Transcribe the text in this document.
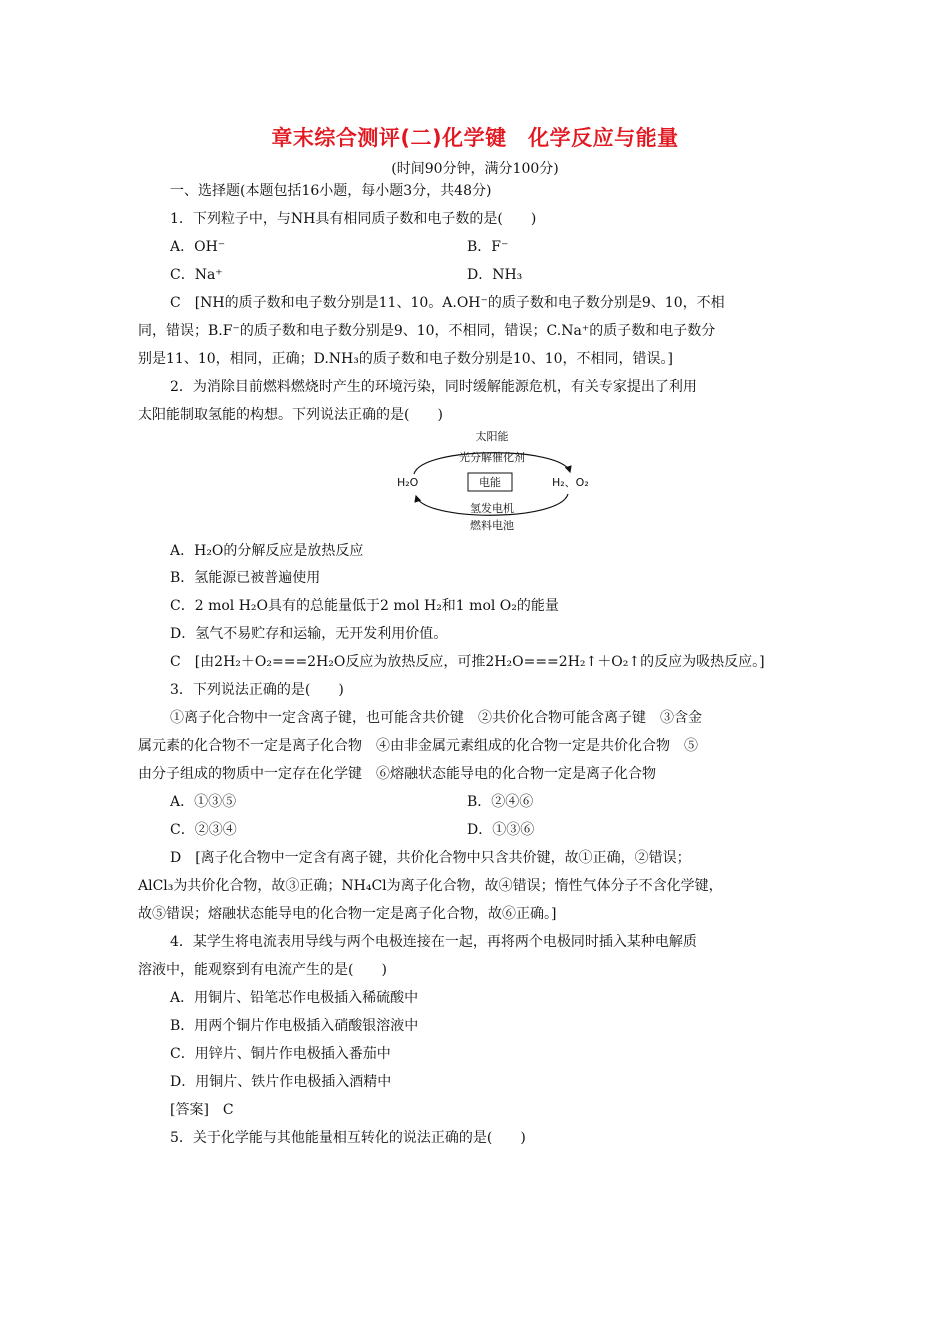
章末综合测评(二)化学键　化学反应与能量
(时间90分钟，满分100分)
一、选择题(本题包括16小题，每小题3分，共48分)
1．下列粒子中，与NH具有相同质子数和电子数的是(　　)
A．OH⁻	B．F⁻
C．Na⁺	D．NH₃
C　[NH的质子数和电子数分别是11、10。A.OH⁻的质子数和电子数分别是9、10，不相
同，错误；B.F⁻的质子数和电子数分别是9、10，不相同，错误；C.Na⁺的质子数和电子数分
别是11、10，相同，正确；D.NH₃的质子数和电子数分别是10、10，不相同，错误。]
2．为消除目前燃料燃烧时产生的环境污染，同时缓解能源危机，有关专家提出了利用
太阳能制取氢能的构想。下列说法正确的是(　　)
太阳能
光分解催化剂
H₂O	电能	H₂、O₂
氢发电机
燃料电池
A．H₂O的分解反应是放热反应
B．氢能源已被普遍使用
C．2 mol H₂O具有的总能量低于2 mol H₂和1 mol O₂的能量
D．氢气不易贮存和运输，无开发利用价值。
C　[由2H₂＋O₂===2H₂O反应为放热反应，可推2H₂O===2H₂↑＋O₂↑的反应为吸热反应。]
3．下列说法正确的是(　　)
①离子化合物中一定含离子键，也可能含共价键　②共价化合物可能含离子键　③含金
属元素的化合物不一定是离子化合物　④由非金属元素组成的化合物一定是共价化合物　⑤
由分子组成的物质中一定存在化学键　⑥熔融状态能导电的化合物一定是离子化合物
A．①③⑤	B．②④⑥
C．②③④	D．①③⑥
D　[离子化合物中一定含有离子键，共价化合物中只含共价键，故①正确，②错误；
AlCl₃为共价化合物，故③正确；NH₄Cl为离子化合物，故④错误；惰性气体分子不含化学键，
故⑤错误；熔融状态能导电的化合物一定是离子化合物，故⑥正确。]
4．某学生将电流表用导线与两个电极连接在一起，再将两个电极同时插入某种电解质
溶液中，能观察到有电流产生的是(　　)
A．用铜片、铅笔芯作电极插入稀硫酸中
B．用两个铜片作电极插入硝酸银溶液中
C．用锌片、铜片作电极插入番茄中
D．用铜片、铁片作电极插入酒精中
[答案]　C
5．关于化学能与其他能量相互转化的说法正确的是(　　)
